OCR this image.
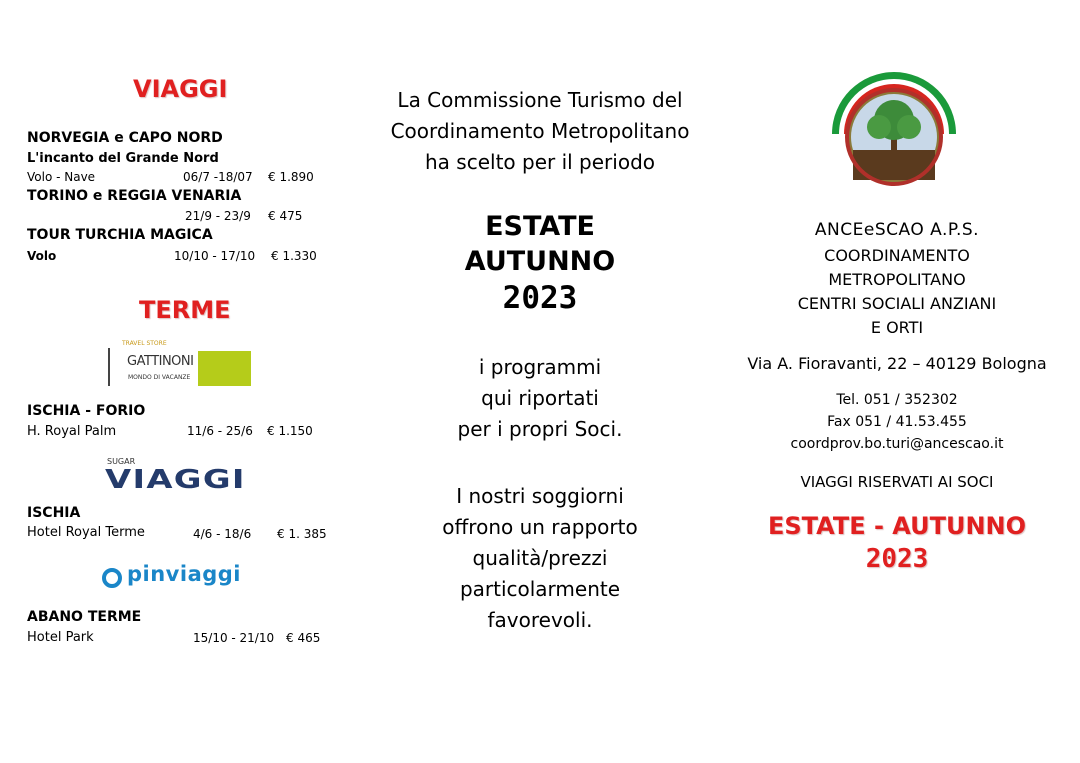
VIAGGI
NORVEGIA e CAPO NORD
L'incanto del Grande Nord
Volo - Nave	06/7 -18/07 € 1.890
TORINO e REGGIA VENARIA
21/9 - 23/9 € 475
TOUR TURCHIA MAGICA
Volo	10/10 - 17/10 € 1.330
TERME
TRAVEL STORE
GATTINONI
MONDO DI VACANZE
ISCHIA - FORIO
H. Royal Palm	11/6 - 25/6 € 1.150
SUGAR
VIAGGI
ISCHIA
Hotel Royal Terme	4/6 - 18/6 € 1. 385
pinviaggi
ABANO TERME
Hotel Park	15/10 - 21/10 € 465

La Commissione Turismo del

Coordinamento Metropolitano

ha scelto per il periodo

ESTATE

AUTUNNO

2023

i programmi

qui riportati

per i propri Soci.

I nostri soggiorni

offrono un rapporto

qualità/prezzi

particolarmente

favorevoli.

ANCEeSCAO A.P.S.

COORDINAMENTO

METROPOLITANO

CENTRI SOCIALI ANZIANI

E ORTI

Via A. Fioravanti, 22 – 40129 Bologna

Tel. 051 / 352302

Fax 051 / 41.53.455

coordprov.bo.turi@ancescao.it

VIAGGI RISERVATI AI SOCI

ESTATE - AUTUNNO

2023
